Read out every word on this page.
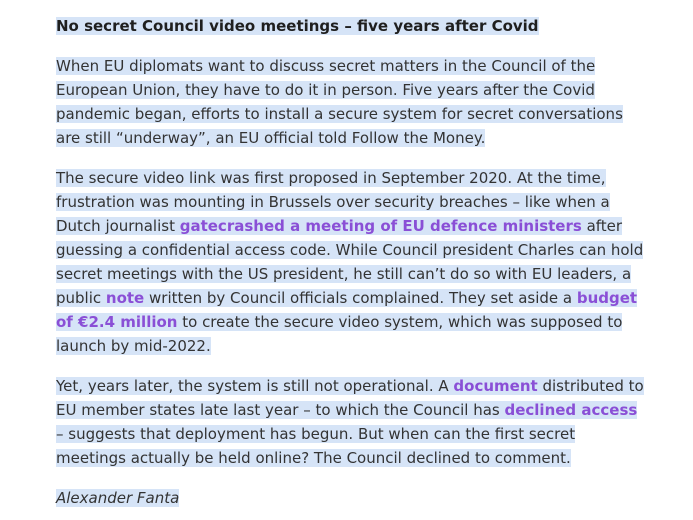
No secret Council video meetings – five years after Covid

When EU diplomats want to discuss secret matters in the Council of the European Union, they have to do it in person. Five years after the Covid pandemic began, efforts to install a secure system for secret conversations are still “underway”, an EU official told Follow the Money.

The secure video link was first proposed in September 2020. At the time, frustration was mounting in Brussels over security breaches – like when a Dutch journalist gatecrashed a meeting of EU defence ministers after guessing a confidential access code. While Council president Charles can hold secret meetings with the US president, he still can’t do so with EU leaders, a public note written by Council officials complained. They set aside a budget of €2.4 million to create the secure video system, which was supposed to launch by mid-2022.

Yet, years later, the system is still not operational. A document distributed to EU member states late last year – to which the Council has declined access – suggests that deployment has begun. But when can the first secret meetings actually be held online? The Council declined to comment.

Alexander Fanta
